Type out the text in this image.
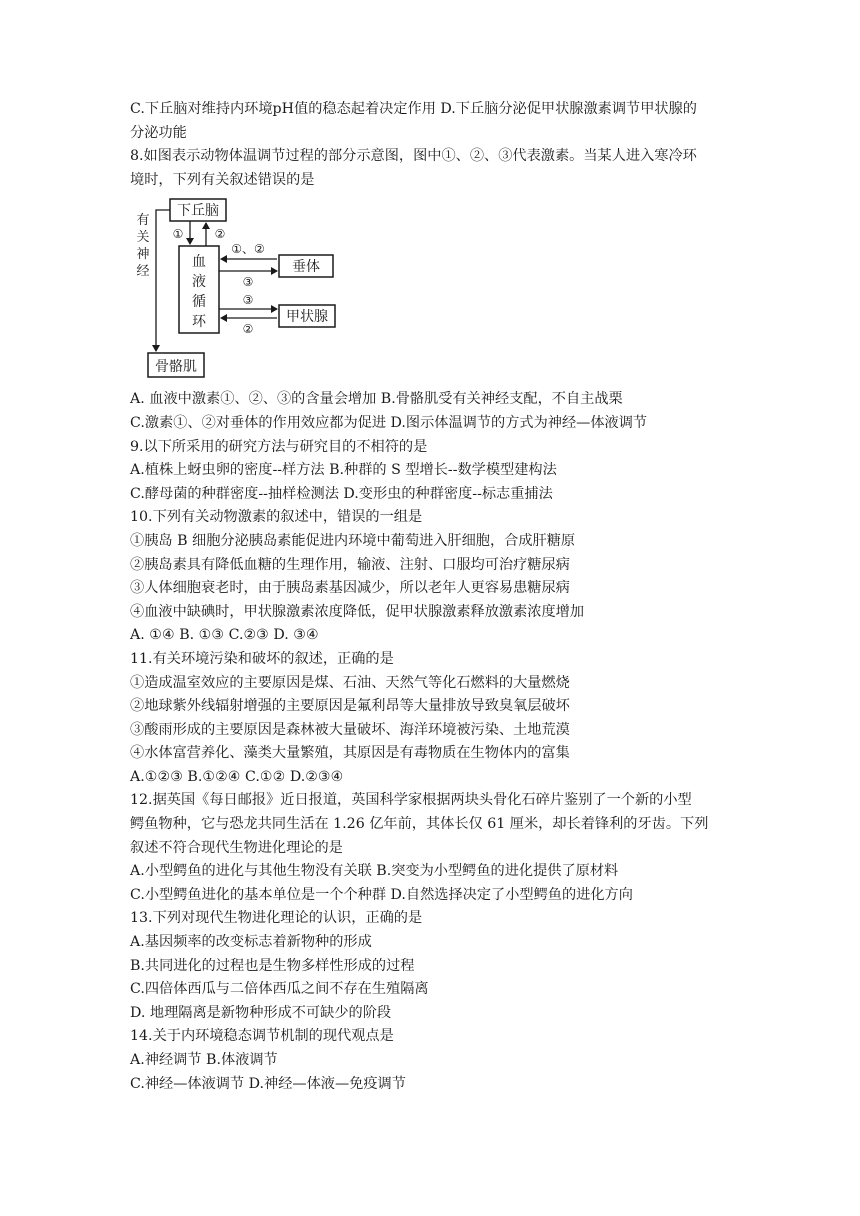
C.下丘脑对维持内环境pH值的稳态起着决定作用 D.下丘脑分泌促甲状腺激素调节甲状腺的

分泌功能

8.如图表示动物体温调节过程的部分示意图，图中①、②、③代表激素。当某人进入寒冷环

境时，下列有关叙述错误的是

下丘脑
垂体
甲状腺
骨骼肌
血
液
循
环
有
关
神
经
①	②
①、②
③
③
②

A. 血液中激素①、②、③的含量会增加 B.骨骼肌受有关神经支配，不自主战栗

C.激素①、②对垂体的作用效应都为促进 D.图示体温调节的方式为神经—体液调节

9.以下所采用的研究方法与研究目的不相符的是

A.植株上蚜虫卵的密度--样方法 B.种群的 S 型增长--数学模型建构法

C.酵母菌的种群密度--抽样检测法 D.变形虫的种群密度--标志重捕法

10.下列有关动物激素的叙述中，错误的一组是

①胰岛 B 细胞分泌胰岛素能促进内环境中葡萄进入肝细胞，合成肝糖原

②胰岛素具有降低血糖的生理作用，输液、注射、口服均可治疗糖尿病

③人体细胞衰老时，由于胰岛素基因减少，所以老年人更容易患糖尿病

④血液中缺碘时，甲状腺激素浓度降低，促甲状腺激素释放激素浓度增加

A. ①④ B. ①③ C.②③ D. ③④

11.有关环境污染和破坏的叙述，正确的是

①造成温室效应的主要原因是煤、石油、天然气等化石燃料的大量燃烧

②地球紫外线辐射增强的主要原因是氟利昂等大量排放导致臭氧层破坏

③酸雨形成的主要原因是森林被大量破坏、海洋环境被污染、土地荒漠

④水体富营养化、藻类大量繁殖，其原因是有毒物质在生物体内的富集

A.①②③ B.①②④ C.①② D.②③④

12.据英国《每日邮报》近日报道，英国科学家根据两块头骨化石碎片鉴别了一个新的小型

鳄鱼物种，它与恐龙共同生活在 1.26 亿年前，其体长仅 61 厘米，却长着锋利的牙齿。下列

叙述不符合现代生物进化理论的是

A.小型鳄鱼的进化与其他生物没有关联 B.突变为小型鳄鱼的进化提供了原材料

C.小型鳄鱼进化的基本单位是一个个种群 D.自然选择决定了小型鳄鱼的进化方向

13.下列对现代生物进化理论的认识，正确的是

A.基因频率的改变标志着新物种的形成

B.共同进化的过程也是生物多样性形成的过程

C.四倍体西瓜与二倍体西瓜之间不存在生殖隔离

D. 地理隔离是新物种形成不可缺少的阶段

14.关于内环境稳态调节机制的现代观点是

A.神经调节 B.体液调节

C.神经—体液调节 D.神经—体液—免疫调节
